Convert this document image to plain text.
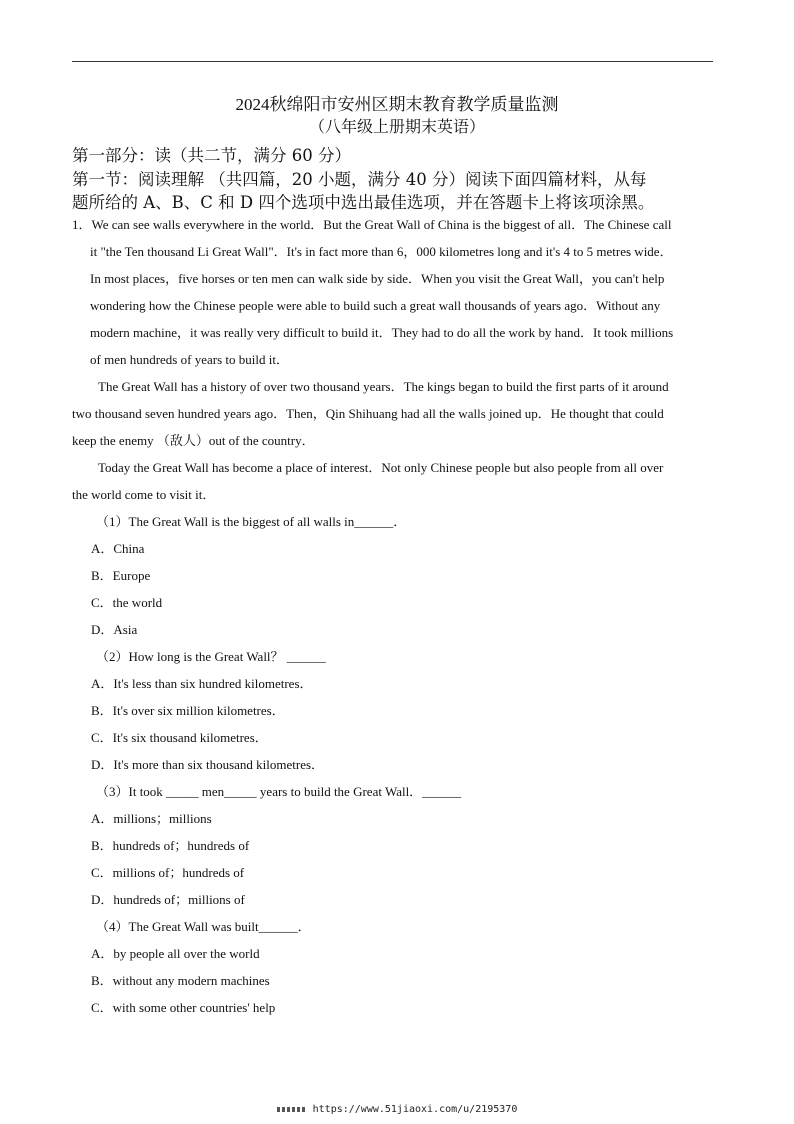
2024秋绵阳市安州区期末教育教学质量监测
（八年级上册期末英语）
第一部分：读（共二节，满分 60 分）
第一节：阅读理解 （共四篇，20 小题，满分 40 分）阅读下面四篇材料，从每
题所给的 A、B、C 和 D 四个选项中选出最佳选项，并在答题卡上将该项涂黑。
1．We can see walls everywhere in the world．But the Great Wall of China is the biggest of all．The Chinese call
it "the Ten thousand Li Great Wall"．It's in fact more than 6，000 kilometres long and it's 4 to 5 metres wide．
In most places，five horses or ten men can walk side by side．When you visit the Great Wall，you can't help
wondering how the Chinese people were able to build such a great wall thousands of years ago．Without any
modern machine，it was really very difficult to build it．They had to do all the work by hand．It took millions
of men hundreds of years to build it．
The Great Wall has a history of over two thousand years．The kings began to build the first parts of it around
two thousand seven hundred years ago．Then，Qin Shihuang had all the walls joined up．He thought that could
keep the enemy （敌人）out of the country．
Today the Great Wall has become a place of interest．Not only Chinese people but also people from all over
the world come to visit it．
（1）The Great Wall is the biggest of all walls in______．
A．China
B．Europe
C．the world
D．Asia
（2）How long is the Great Wall？ ______
A．It's less than six hundred kilometres．
B．It's over six million kilometres．
C．It's six thousand kilometres．
D．It's more than six thousand kilometres．
（3）It took _____ men_____ years to build the Great Wall．______
A．millions；millions
B．hundreds of；hundreds of
C．millions of；hundreds of
D．hundreds of；millions of
（4）The Great Wall was built______．
A．by people all over the world
B．without any modern machines
C．with some other countries' help
https://www.51jiaoxi.com/u/2195370
